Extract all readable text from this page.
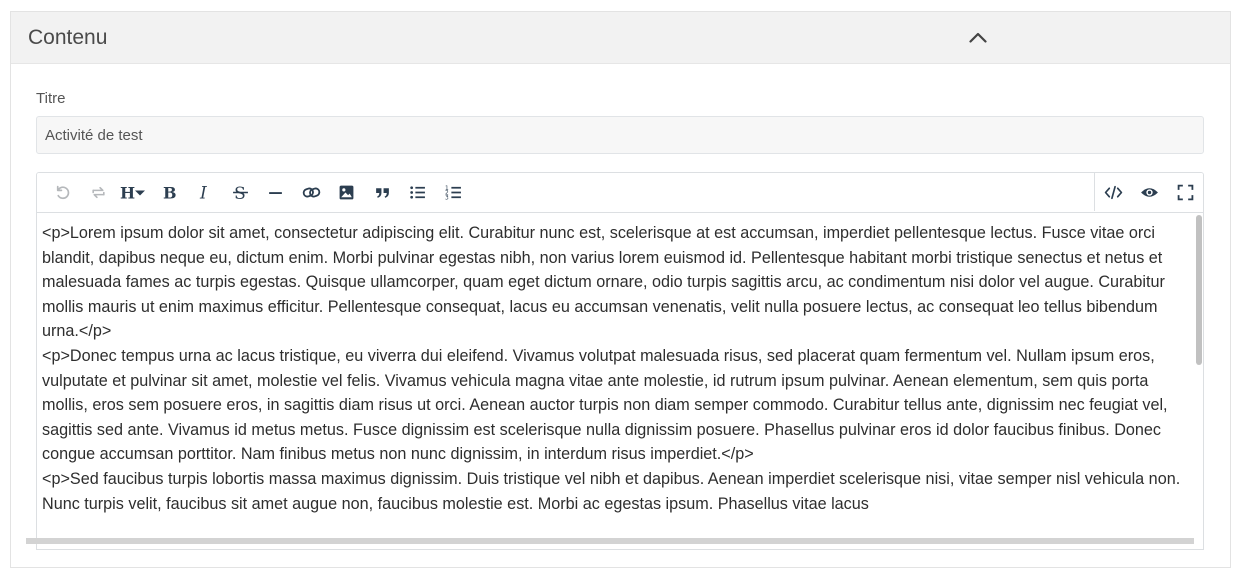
Contenu
Titre
Activité de test
H B I S	1
2
3
<p>Lorem ipsum dolor sit amet, consectetur adipiscing elit. Curabitur nunc est, scelerisque at est accumsan, imperdiet pellentesque lectus. Fusce vitae orci blandit, dapibus neque eu, dictum enim. Morbi pulvinar egestas nibh, non varius lorem euismod id. Pellentesque habitant morbi tristique senectus et netus et malesuada fames ac turpis egestas. Quisque ullamcorper, quam eget dictum ornare, odio turpis sagittis arcu, ac condimentum nisi dolor vel augue. Curabitur mollis mauris ut enim maximus efficitur. Pellentesque consequat, lacus eu accumsan venenatis, velit nulla posuere lectus, ac consequat leo tellus bibendum urna.</p>
<p>Donec tempus urna ac lacus tristique, eu viverra dui eleifend. Vivamus volutpat malesuada risus, sed placerat quam fermentum vel. Nullam ipsum eros, vulputate et pulvinar sit amet, molestie vel felis. Vivamus vehicula magna vitae ante molestie, id rutrum ipsum pulvinar. Aenean elementum, sem quis porta mollis, eros sem posuere eros, in sagittis diam risus ut orci. Aenean auctor turpis non diam semper commodo. Curabitur tellus ante, dignissim nec feugiat vel, sagittis sed ante. Vivamus id metus metus. Fusce dignissim est scelerisque nulla dignissim posuere. Phasellus pulvinar eros id dolor faucibus finibus. Donec congue accumsan porttitor. Nam finibus metus non nunc dignissim, in interdum risus imperdiet.</p>
<p>Sed faucibus turpis lobortis massa maximus dignissim. Duis tristique vel nibh et dapibus. Aenean imperdiet scelerisque nisi, vitae semper nisl vehicula non. Nunc turpis velit, faucibus sit amet augue non, faucibus molestie est. Morbi ac egestas ipsum. Phasellus vitae lacus
